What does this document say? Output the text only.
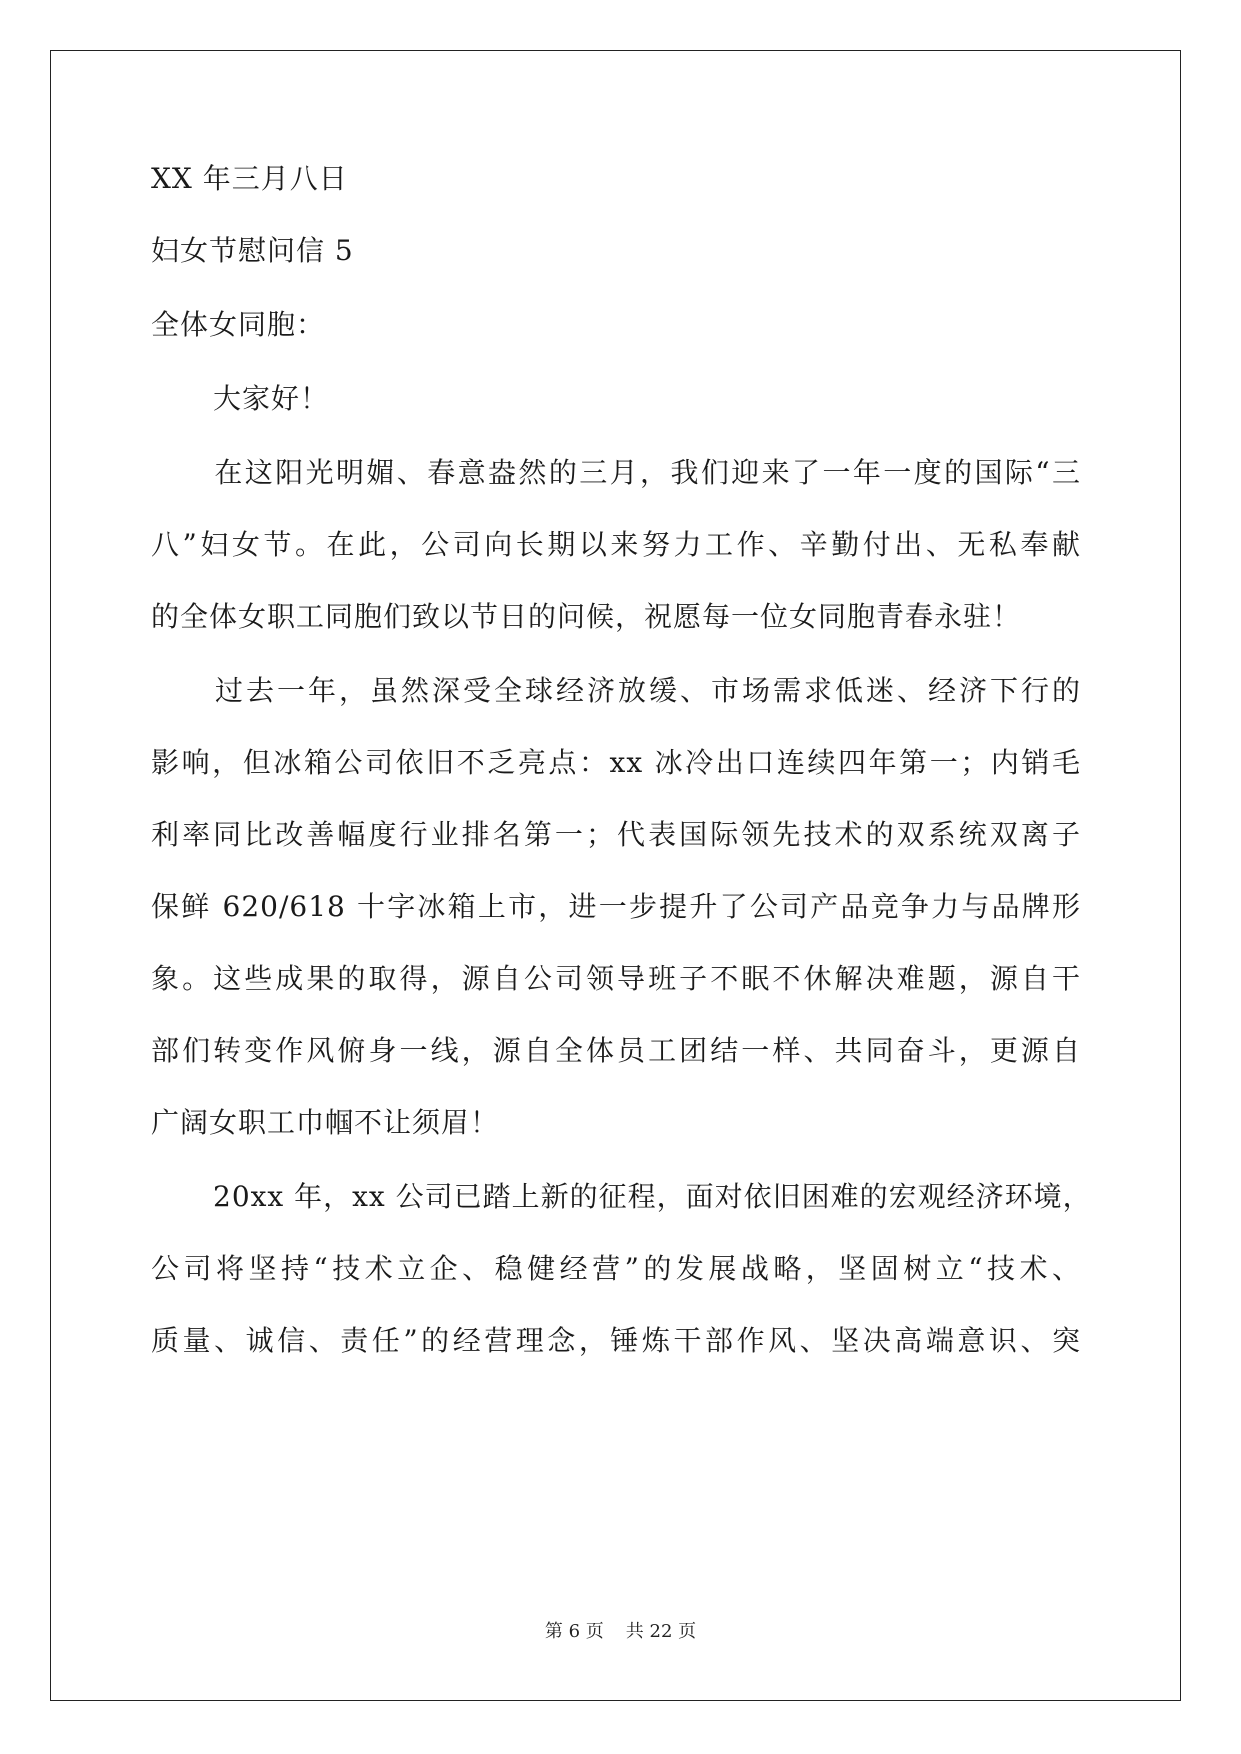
XX 年三月八日
妇女节慰问信 5
全体女同胞：
大家好！
在这阳光明媚、春意盎然的三月，我们迎来了一年一度的国际“三
八”妇女节。在此，公司向长期以来努力工作、辛勤付出、无私奉献
的全体女职工同胞们致以节日的问候，祝愿每一位女同胞青春永驻！
过去一年，虽然深受全球经济放缓、市场需求低迷、经济下行的
影响，但冰箱公司依旧不乏亮点：xx 冰冷出口连续四年第一；内销毛
利率同比改善幅度行业排名第一；代表国际领先技术的双系统双离子
保鲜 620/618 十字冰箱上市，进一步提升了公司产品竞争力与品牌形
象。这些成果的取得，源自公司领导班子不眠不休解决难题，源自干
部们转变作风俯身一线，源自全体员工团结一样、共同奋斗，更源自
广阔女职工巾帼不让须眉！
20xx 年，xx 公司已踏上新的征程，面对依旧困难的宏观经济环境，
公司将坚持“技术立企、稳健经营”的发展战略，坚固树立“技术、
质量、诚信、责任”的经营理念，锤炼干部作风、坚决高端意识、突
第 6 页 共 22 页
